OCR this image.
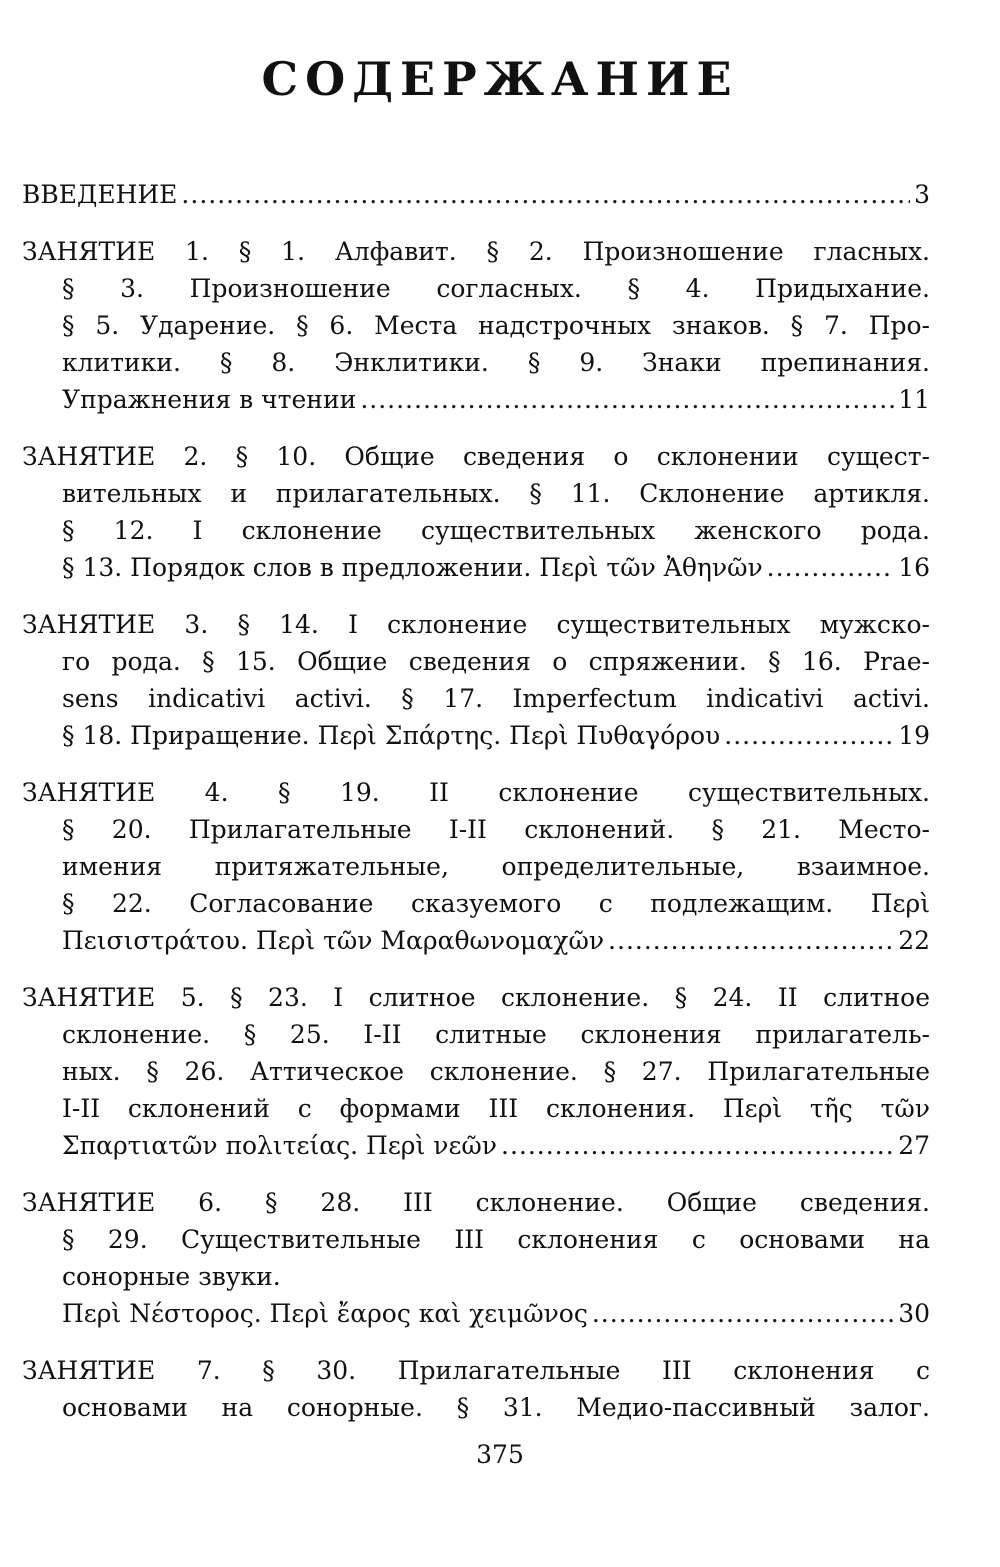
СОДЕРЖАНИЕ
ВВЕДЕНИЕ .....	3
ЗАНЯТИЕ 1. § 1. Алфавит. § 2. Произношение гласных.
§ 3. Произношение согласных. § 4. Придыхание.
§ 5. Ударение. § 6. Места надстрочных знаков. § 7. Про-
клитики. § 8. Энклитики. § 9. Знаки препинания.
Упражнения в чтении .....	11
ЗАНЯТИЕ 2. § 10. Общие сведения о склонении сущест-
вительных и прилагательных. § 11. Склонение артикля.
§ 12. I склонение существительных женского рода.
§ 13. Порядок слов в предложении. Περὶ τῶν Ἀθηνῶν .....	16
ЗАНЯТИЕ 3. § 14. I склонение существительных мужско-
го рода. § 15. Общие сведения о спряжении. § 16. Prae-
sens indicativi activi. § 17. Imperfectum indicativi activi.
§ 18. Приращение. Περὶ Σπάρτης. Περὶ Πυθαγόρου .....	19
ЗАНЯТИЕ 4. § 19. II склонение существительных.
§ 20. Прилагательные I-II склонений. § 21. Место-
имения притяжательные, определительные, взаимное.
§ 22. Согласование сказуемого с подлежащим. Περὶ
Πεισιστράτου. Περὶ τῶν Μαραθωνομαχῶν .....	22
ЗАНЯТИЕ 5. § 23. I слитное склонение. § 24. II слитное
склонение. § 25. I-II слитные склонения прилагатель-
ных. § 26. Аттическое склонение. § 27. Прилагательные
I-II склонений с формами III склонения. Περὶ τῆς τῶν
Σπαρτιατῶν πολιτείας. Περὶ νεῶν .....	27
ЗАНЯТИЕ 6. § 28. III склонение. Общие сведения.
§ 29. Существительные III склонения с основами на
сонорные звуки.
Περὶ Νέστορος. Περὶ ἔαρος καὶ χειμῶνος .....	30
ЗАНЯТИЕ 7. § 30. Прилагательные III склонения с
основами на сонорные. § 31. Медио-пассивный залог.
375
